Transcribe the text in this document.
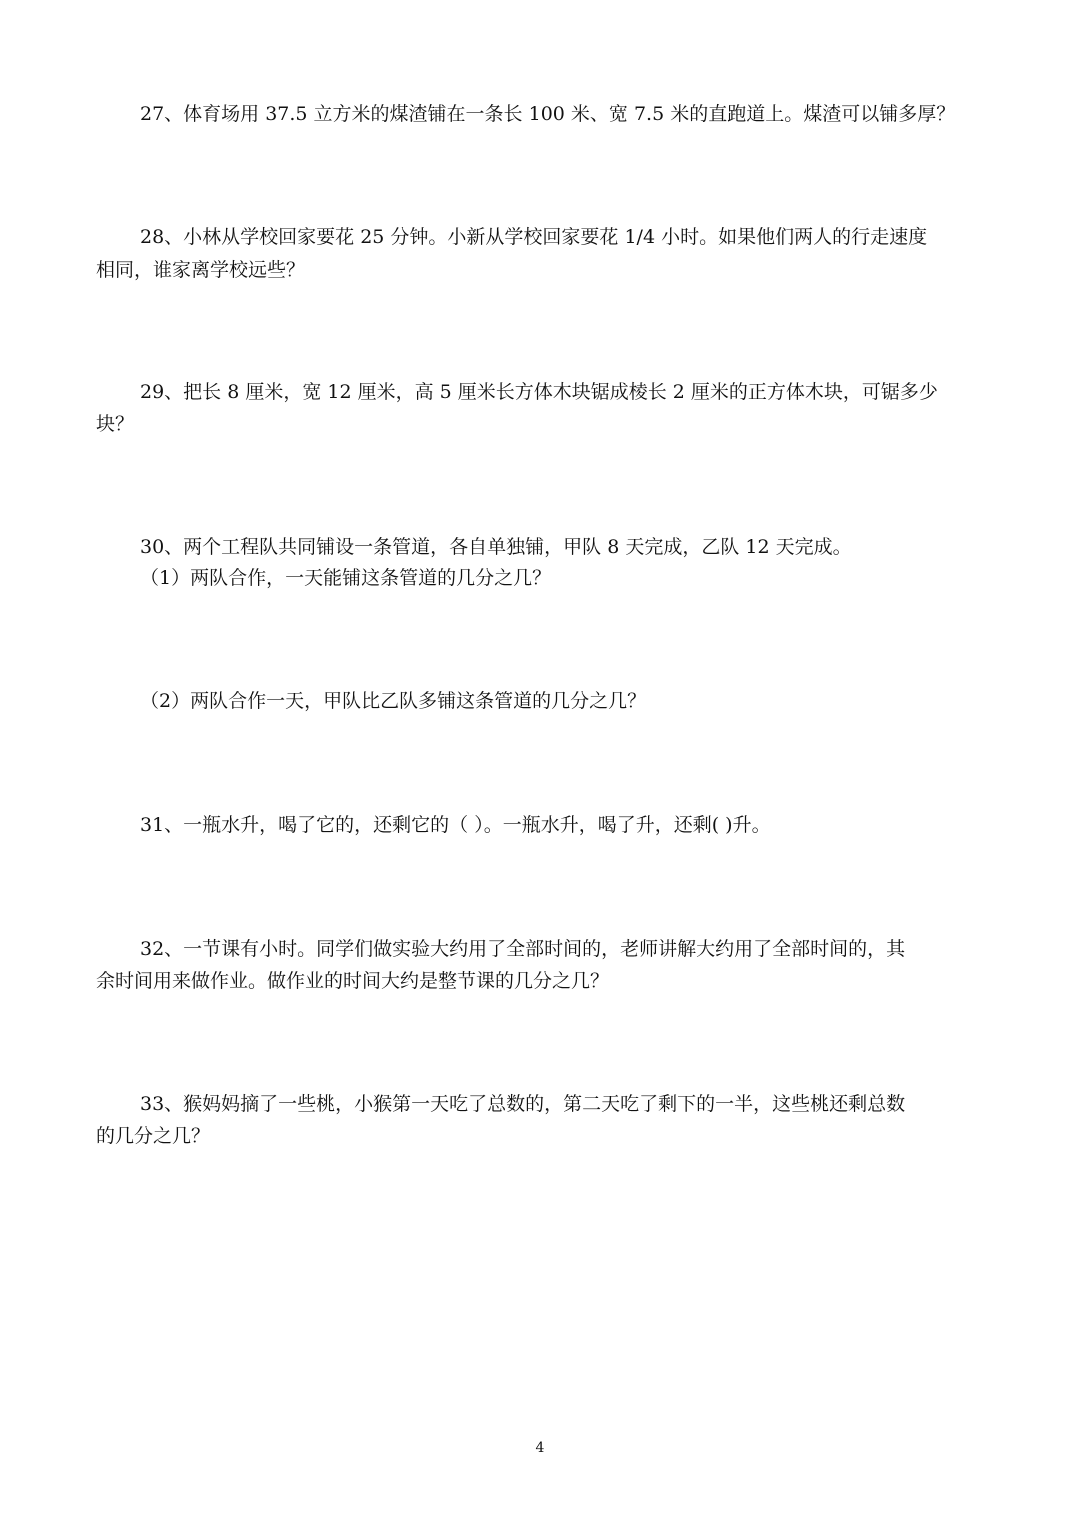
27、体育场用 37.5 立方米的煤渣铺在一条长 100 米、宽 7.5 米的直跑道上。煤渣可以铺多厚？
28、小林从学校回家要花 25 分钟。小新从学校回家要花 1/4 小时。如果他们两人的行走速度
相同，谁家离学校远些？
29、把长 8 厘米，宽 12 厘米，高 5 厘米长方体木块锯成棱长 2 厘米的正方体木块，可锯多少
块？
30、两个工程队共同铺设一条管道，各自单独铺，甲队 8 天完成，乙队 12 天完成。
（1）两队合作，一天能铺这条管道的几分之几？
（2）两队合作一天，甲队比乙队多铺这条管道的几分之几？
31、一瓶水升，喝了它的，还剩它的（ ）。一瓶水升，喝了升，还剩( )升。
32、一节课有小时。同学们做实验大约用了全部时间的，老师讲解大约用了全部时间的，其
余时间用来做作业。做作业的时间大约是整节课的几分之几？
33、猴妈妈摘了一些桃，小猴第一天吃了总数的，第二天吃了剩下的一半，这些桃还剩总数
的几分之几？
4
